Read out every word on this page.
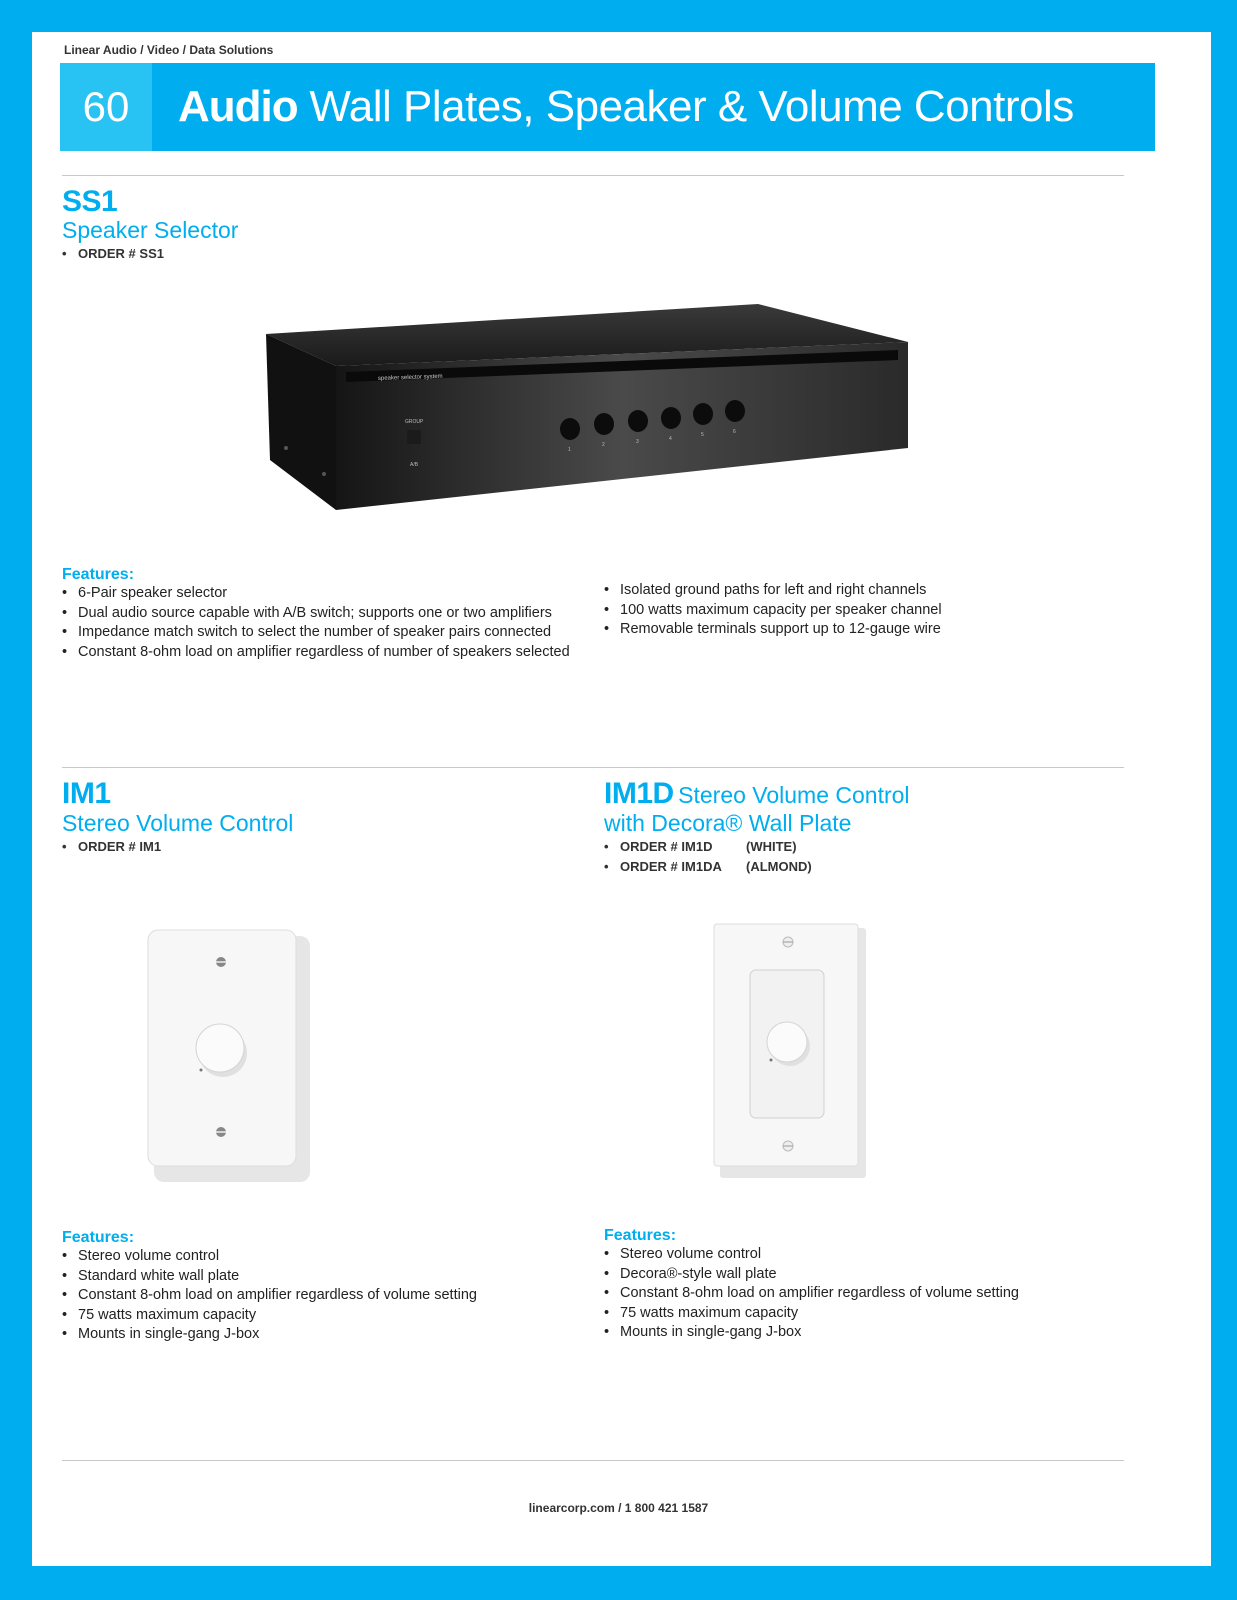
Linear Audio / Video / Data Solutions
60	Audio Wall Plates, Speaker & Volume Controls
SS1
Speaker Selector
• ORDER # SS1
speaker selector system
GROUP
A/B
1
2	3	4
5	6
Features:
• 6-Pair speaker selector
• Dual audio source capable with A/B switch; supports one or two amplifiers
• Impedance match switch to select the number of speaker pairs connected
• Constant 8-ohm load on amplifier regardless of number of speakers selected
• Isolated ground paths for left and right channels
• 100 watts maximum capacity per speaker channel
• Removable terminals support up to 12-gauge wire
IM1
Stereo Volume Control
• ORDER # IM1
Features:
• Stereo volume control
• Standard white wall plate
• Constant 8-ohm load on amplifier regardless of volume setting
• 75 watts maximum capacity
• Mounts in single-gang J-box
IM1D Stereo Volume Control
with Decora® Wall Plate
• ORDER # IM1D	(WHITE)
• ORDER # IM1DA (ALMOND)
Features:
• Stereo volume control
• Decora®-style wall plate
• Constant 8-ohm load on amplifier regardless of volume setting
• 75 watts maximum capacity
• Mounts in single-gang J-box
linearcorp.com / 1 800 421 1587
